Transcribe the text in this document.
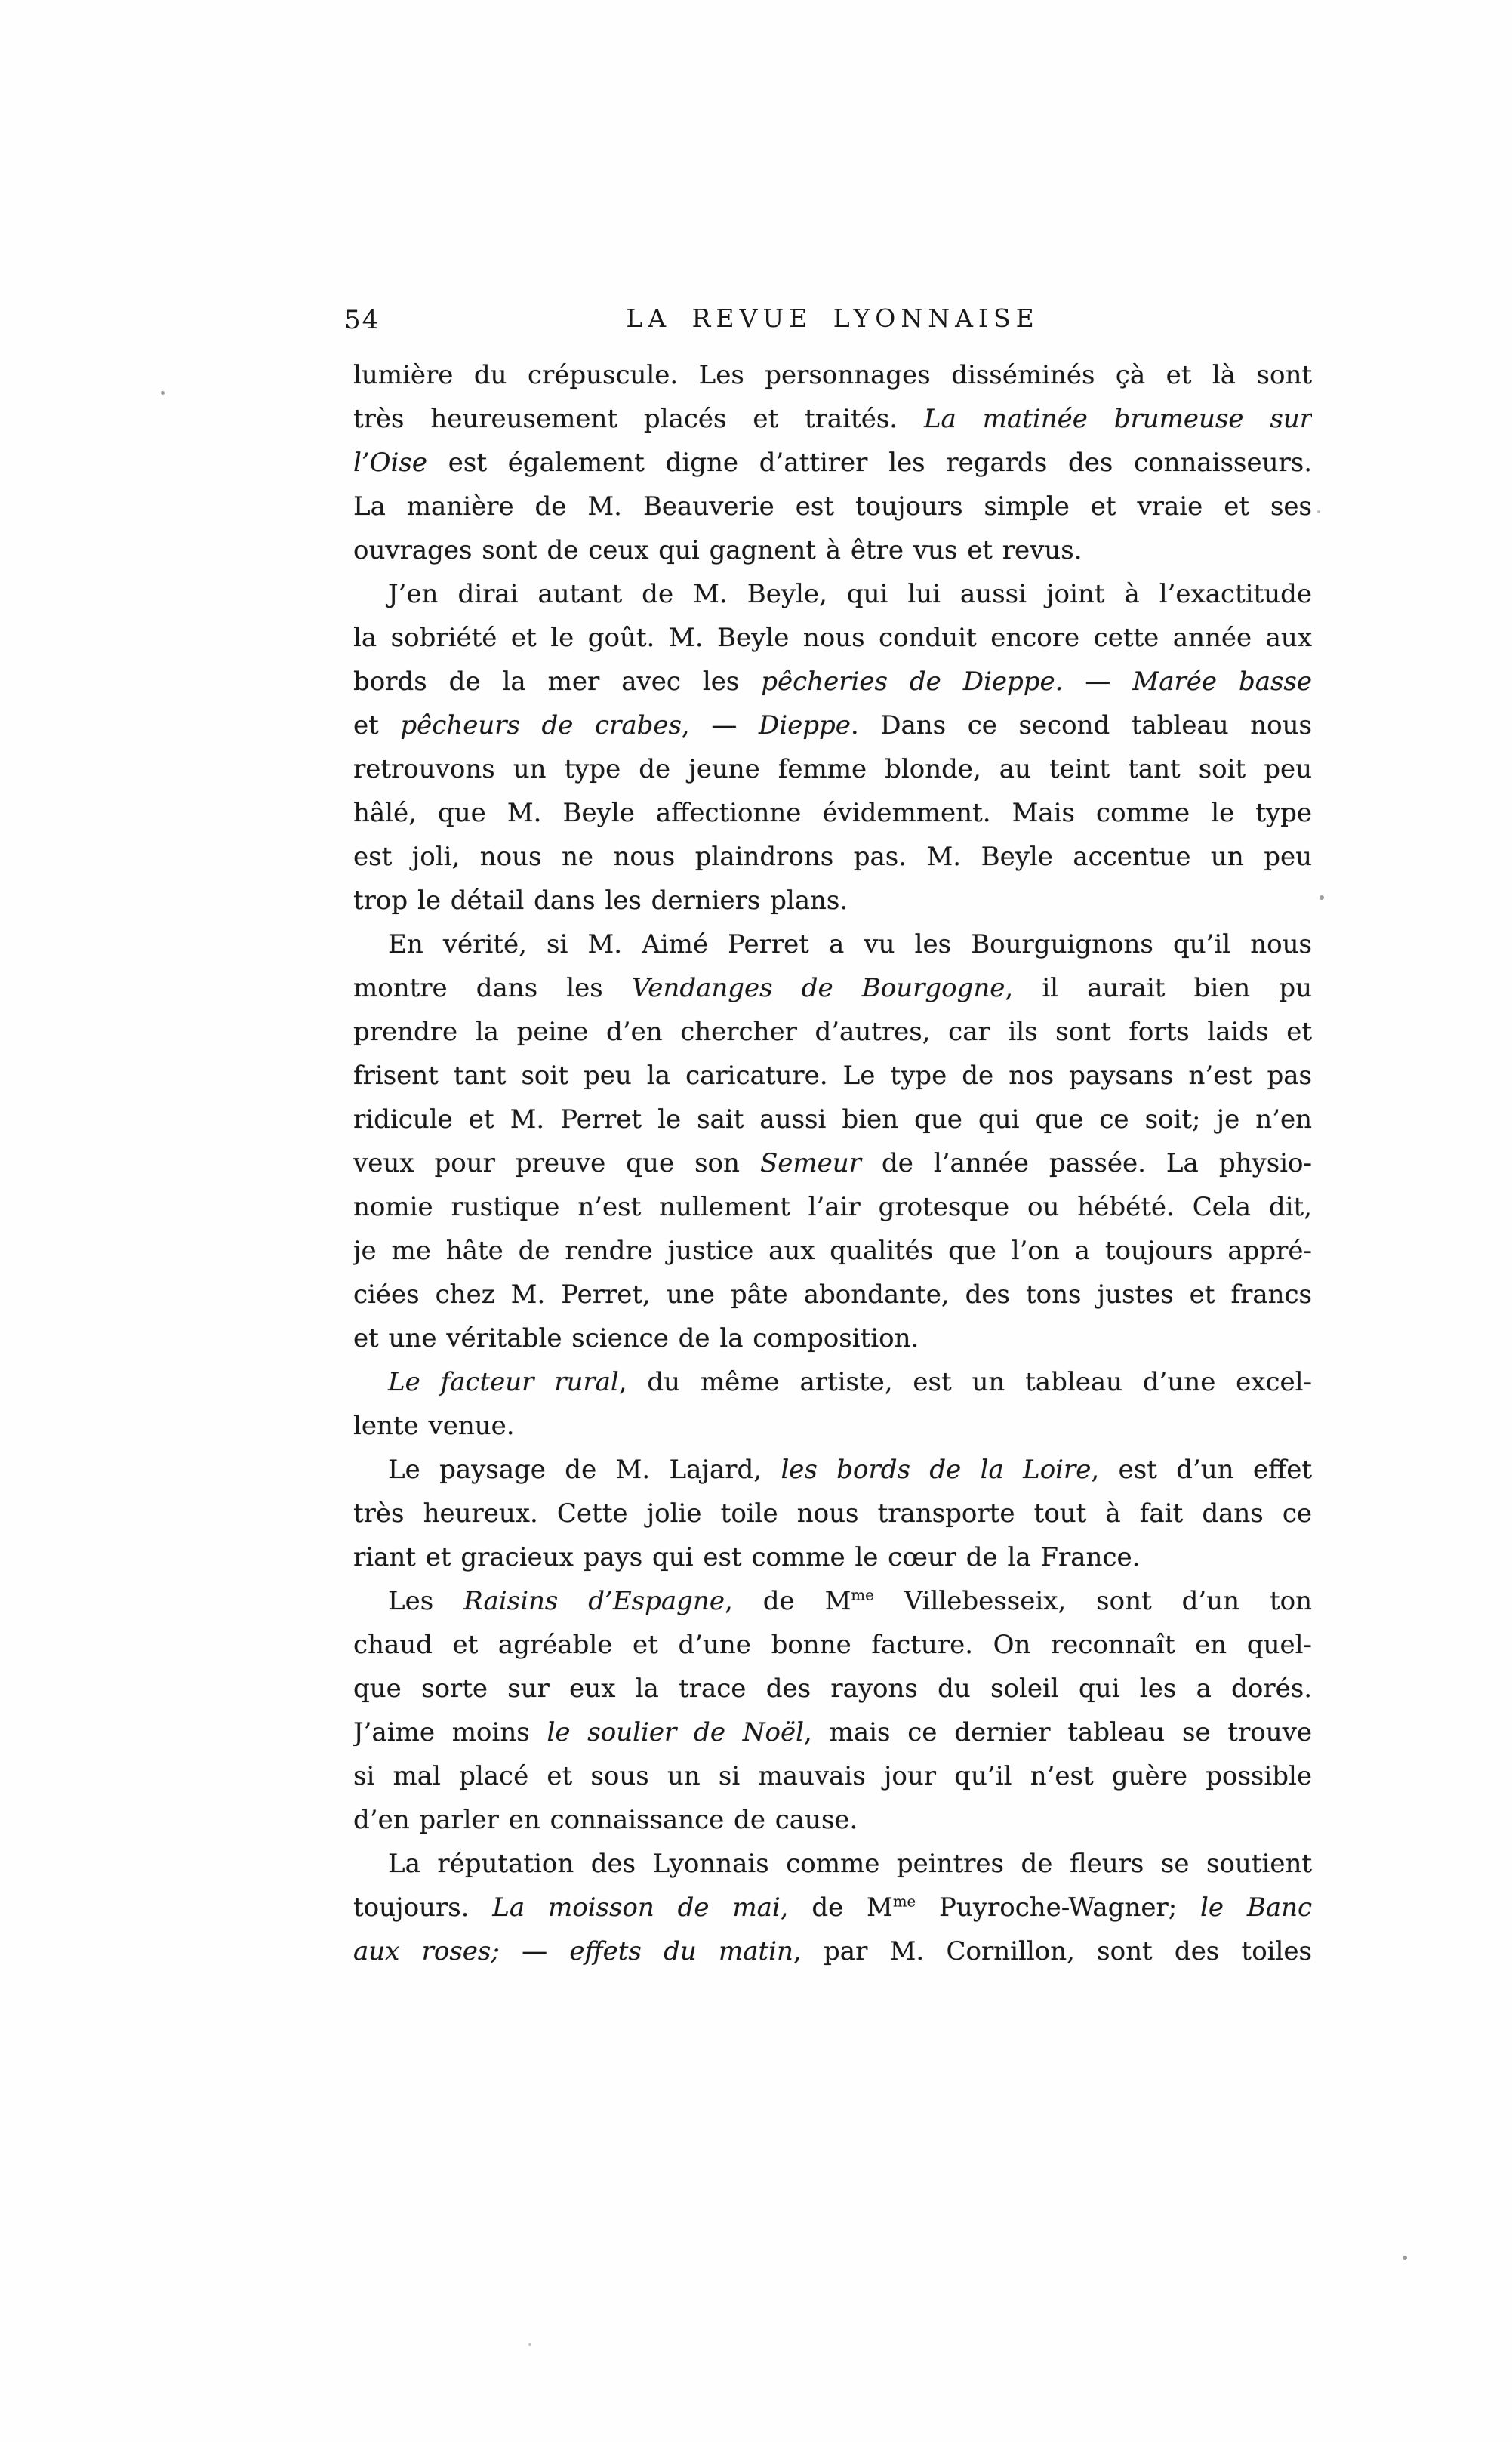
54	LA REVUE LYONNAISE
lumière du crépuscule. Les personnages disséminés çà et là sont
très heureusement placés et traités. La matinée brumeuse sur
l’Oise est également digne d’attirer les regards des connaisseurs.
La manière de M. Beauverie est toujours simple et vraie et ses
ouvrages sont de ceux qui gagnent à être vus et revus.
J’en dirai autant de M. Beyle, qui lui aussi joint à l’exactitude
la sobriété et le goût. M. Beyle nous conduit encore cette année aux
bords de la mer avec les pêcheries de Dieppe. — Marée basse
et pêcheurs de crabes, — Dieppe. Dans ce second tableau nous
retrouvons un type de jeune femme blonde, au teint tant soit peu
hâlé, que M. Beyle affectionne évidemment. Mais comme le type
est joli, nous ne nous plaindrons pas. M. Beyle accentue un peu
trop le détail dans les derniers plans.
En vérité, si M. Aimé Perret a vu les Bourguignons qu’il nous
montre dans les Vendanges de Bourgogne, il aurait bien pu
prendre la peine d’en chercher d’autres, car ils sont forts laids et
frisent tant soit peu la caricature. Le type de nos paysans n’est pas
ridicule et M. Perret le sait aussi bien que qui que ce soit; je n’en
veux pour preuve que son Semeur de l’année passée. La physio-
nomie rustique n’est nullement l’air grotesque ou hébété. Cela dit,
je me hâte de rendre justice aux qualités que l’on a toujours appré-
ciées chez M. Perret, une pâte abondante, des tons justes et francs
et une véritable science de la composition.
Le facteur rural, du même artiste, est un tableau d’une excel-
lente venue.
Le paysage de M. Lajard, les bords de la Loire, est d’un effet
très heureux. Cette jolie toile nous transporte tout à fait dans ce
riant et gracieux pays qui est comme le cœur de la France.
Les Raisins d’Espagne, de $M^{me}$ Villebesseix, sont d’un ton
chaud et agréable et d’une bonne facture. On reconnaît en quel-
que sorte sur eux la trace des rayons du soleil qui les a dorés.
J’aime moins le soulier de Noël, mais ce dernier tableau se trouve
si mal placé et sous un si mauvais jour qu’il n’est guère possible
d’en parler en connaissance de cause.
La réputation des Lyonnais comme peintres de fleurs se soutient
toujours. La moisson de mai, de $M^{me}$ Puyroche-Wagner; le Banc
aux roses; — effets du matin, par M. Cornillon, sont des toiles
